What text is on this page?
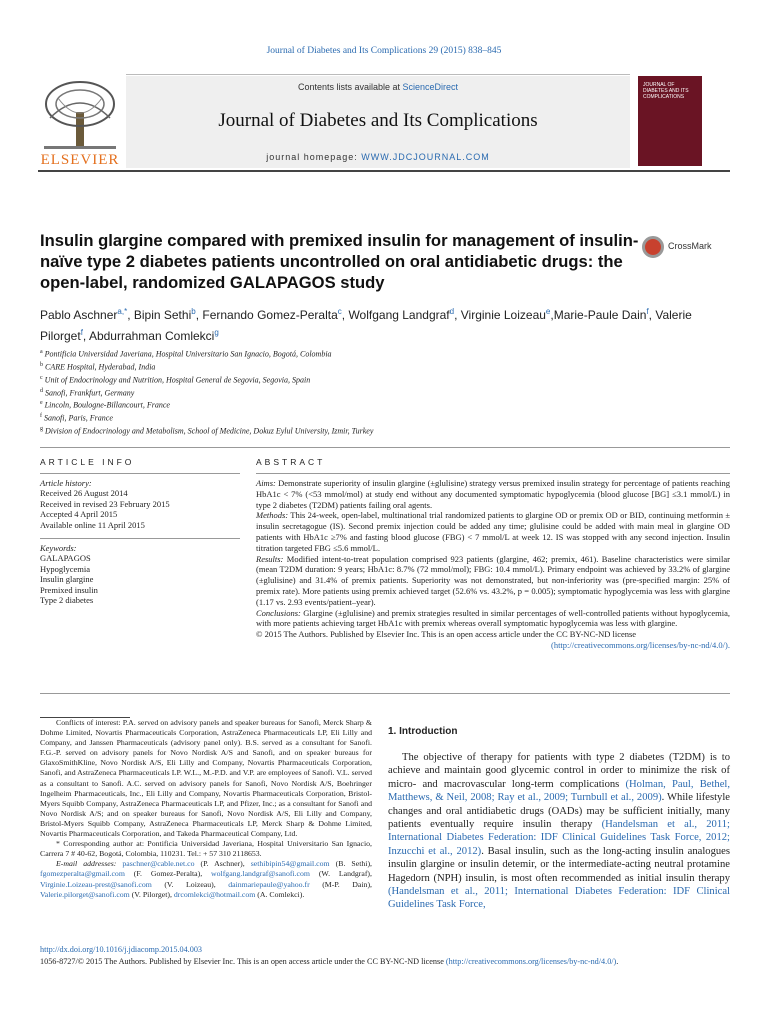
Journal of Diabetes and Its Complications 29 (2015) 838–845
ELSEVIER
Contents lists available at ScienceDirect
Journal of Diabetes and Its Complications
journal homepage: WWW.JDCJOURNAL.COM
JOURNAL OF DIABETES AND ITS COMPLICATIONS
Insulin glargine compared with premixed insulin for management of insulin-naïve type 2 diabetes patients uncontrolled on oral antidiabetic drugs: the open-label, randomized GALAPAGOS study
CrossMark
Pablo Aschner$^{a,*}$, Bipin Sethi$^b$, Fernando Gomez-Peralta$^c$, Wolfgang Landgraf$^d$, Virginie Loizeau$^e$,Marie-Paule Dain$^f$, Valerie Pilorget$^f$, Abdurrahman Comlekci$^g$
$^a$ Pontificia Universidad Javeriana, Hospital Universitario San Ignacio, Bogotá, Colombia
$^b$ CARE Hospital, Hyderabad, India
$^c$ Unit of Endocrinology and Nutrition, Hospital General de Segovia, Segovia, Spain
$^d$ Sanofi, Frankfurt, Germany
$^e$ Lincoln, Boulogne-Billancourt, France
$^f$ Sanofi, Paris, France
$^g$ Division of Endocrinology and Metabolism, School of Medicine, Dokuz Eylul University, Izmir, Turkey
ARTICLE INFO	ABSTRACT
Article history:
Received 26 August 2014
Received in revised 23 February 2015
Accepted 4 April 2015
Available online 11 April 2015
Keywords:
GALAPAGOS
Hypoglycemia
Insulin glargine
Premixed insulin
Type 2 diabetes

Aims: Demonstrate superiority of insulin glargine (±glulisine) strategy versus premixed insulin strategy for percentage of patients reaching HbA1c < 7% (<53 mmol/mol) at study end without any documented symptomatic hypoglycemia (blood glucose [BG] ≤3.1 mmol/L) in type 2 diabetes (T2DM) patients failing oral agents.

Methods: This 24-week, open-label, multinational trial randomized patients to glargine OD or premix OD or BID, continuing metformin ± insulin secretagogue (IS). Second premix injection could be added any time; glulisine could be added with main meal in glargine OD patients with HbA1c ≥7% and fasting blood glucose (FBG) < 7 mmol/L at week 12. IS was stopped with any second injection. Insulin titration targeted FBG ≤5.6 mmol/L.

Results: Modified intent-to-treat population comprised 923 patients (glargine, 462; premix, 461). Baseline characteristics were similar (mean T2DM duration: 9 years; HbA1c: 8.7% (72 mmol/mol); FBG: 10.4 mmol/L). Primary endpoint was achieved by 33.2% of glargine (±glulisine) and 31.4% of premix patients. Superiority was not demonstrated, but non-inferiority was (pre-specified margin: 25% of premix rate). More patients using premix achieved target (52.6% vs. 43.2%, p = 0.005); symptomatic hypoglycemia was less with glargine (1.17 vs. 2.93 events/patient–year).

Conclusions: Glargine (±glulisine) and premix strategies resulted in similar percentages of well-controlled patients without hypoglycemia, with more patients achieving target HbA1c with premix whereas overall symptomatic hypoglycemia was less with glargine.

© 2015 The Authors. Published by Elsevier Inc. This is an open access article under the CC BY-NC-ND license

(http://creativecommons.org/licenses/by-nc-nd/4.0/).

Conflicts of interest: P.A. served on advisory panels and speaker bureaus for Sanofi, Merck Sharp & Dohme Limited, Novartis Pharmaceuticals Corporation, AstraZeneca Pharmaceuticals LP, Eli Lilly and Company, and Janssen Pharmaceuticals (advisory panel only). B.S. served as a consultant for Sanofi. F.G.-P. served on advisory panels for Novo Nordisk A/S and Sanofi, and on speaker bureaus for GlaxoSmithKline, Novo Nordisk A/S, Eli Lilly and Company, Novartis Pharmaceuticals Corporation, Sanofi, and AstraZeneca Pharmaceuticals LP. W.L., M.-P.D. and V.P. are employees of Sanofi. V.L. served as a consultant to Sanofi. A.C. served on advisory panels for Sanofi, Novo Nordisk A/S, Boehringer Ingelheim Pharmaceuticals, Inc., Eli Lilly and Company, Novartis Pharmaceuticals Corporation, Bristol-Myers Squibb Company, AstraZeneca Pharmaceuticals LP, and Pfizer, Inc.; as a consultant for Sanofi and Novo Nordisk A/S; and on speaker bureaus for Sanofi, Novo Nordisk A/S, Eli Lilly and Company, Bristol-Myers Squibb Company, AstraZeneca Pharmaceuticals LP, Merck Sharp & Dohme Limited, Novartis Pharmaceuticals Corporation, and Takeda Pharmaceutical Company, Ltd.

* Corresponding author at: Pontificia Universidad Javeriana, Hospital Universitario San Ignacio, Carrera 7 # 40-62, Bogotá, Colombia, 110231. Tel.: + 57 310 2118653.

E-mail addresses: paschner@cable.net.co (P. Aschner), sethibipin54@gmail.com (B. Sethi), fgomezperalta@gmail.com (F. Gomez-Peralta), wolfgang.landgraf@sanofi.com (W. Landgraf), Virginie.Loizeau-prest@sanofi.com (V. Loizeau), dainmariepaule@yahoo.fr (M-P. Dain), Valerie.pilorget@sanofi.com (V. Pilorget), drcomlekci@hotmail.com (A. Comlekci).

1. Introduction

The objective of therapy for patients with type 2 diabetes (T2DM) is to achieve and maintain good glycemic control in order to minimize the risk of micro- and macrovascular long-term complications (Holman, Paul, Bethel, Matthews, & Neil, 2008; Ray et al., 2009; Turnbull et al., 2009). While lifestyle changes and oral antidiabetic drugs (OADs) may be sufficient initially, many patients eventually require insulin therapy (Handelsman et al., 2011; International Diabetes Federation: IDF Clinical Guidelines Task Force, 2012; Inzucchi et al., 2012). Basal insulin, such as the long-acting insulin analogues insulin glargine or insulin detemir, or the intermediate-acting neutral protamine Hagedorn (NPH) insulin, is most often recommended as initial insulin therapy (Handelsman et al., 2011; International Diabetes Federation: IDF Clinical Guidelines Task Force,

http://dx.doi.org/10.1016/j.jdiacomp.2015.04.003
1056-8727/© 2015 The Authors. Published by Elsevier Inc. This is an open access article under the CC BY-NC-ND license (http://creativecommons.org/licenses/by-nc-nd/4.0/).
